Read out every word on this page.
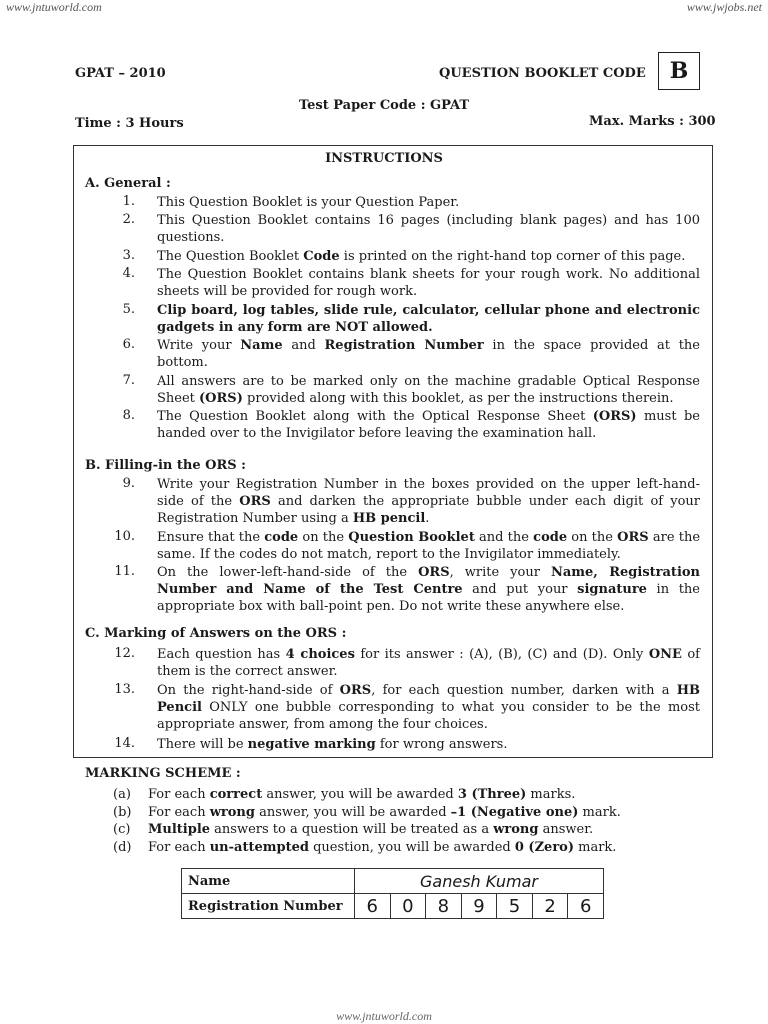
www.jntuworld.com	www.jwjobs.net
GPAT – 2010	QUESTION BOOKLET CODE	B
Test Paper Code : GPAT
Time : 3 Hours	Max. Marks : 300
INSTRUCTIONS
A. General :
B. Filling-in the ORS :
C. Marking of Answers on the ORS :
1. This Question Booklet is your Question Paper.
2. This Question Booklet contains 16 pages (including blank pages) and has 100 questions.
3. The Question Booklet Code is printed on the right-hand top corner of this page.
4. The Question Booklet contains blank sheets for your rough work. No additional sheets will be provided for rough work.
5. Clip board, log tables, slide rule, calculator, cellular phone and electronic gadgets in any form are NOT allowed.
6. Write your Name and Registration Number in the space provided at the bottom.
7. All answers are to be marked only on the machine gradable Optical Response Sheet (ORS) provided along with this booklet, as per the instructions therein.
8. The Question Booklet along with the Optical Response Sheet (ORS) must be handed over to the Invigilator before leaving the examination hall.
9. Write your Registration Number in the boxes provided on the upper left-hand-side of the ORS and darken the appropriate bubble under each digit of your Registration Number using a HB pencil.
10. Ensure that the code on the Question Booklet and the code on the ORS are the same. If the codes do not match, report to the Invigilator immediately.
11. On the lower-left-hand-side of the ORS, write your Name, Registration Number and Name of the Test Centre and put your signature in the appropriate box with ball-point pen. Do not write these anywhere else.
12. Each question has 4 choices for its answer : (A), (B), (C) and (D). Only ONE of them is the correct answer.
13. On the right-hand-side of ORS, for each question number, darken with a HB Pencil ONLY one bubble corresponding to what you consider to be the most appropriate answer, from among the four choices.
14. There will be negative marking for wrong answers.
MARKING SCHEME :
(a) For each correct answer, you will be awarded 3 (Three) marks.
(b) For each wrong answer, you will be awarded –1 (Negative one) mark.
(c) Multiple answers to a question will be treated as a wrong answer.
(d) For each un-attempted question, you will be awarded 0 (Zero) mark.
Name	Ganesh Kumar						
Registration Number	6	0	8	9	5	2	6
www.jntuworld.com
